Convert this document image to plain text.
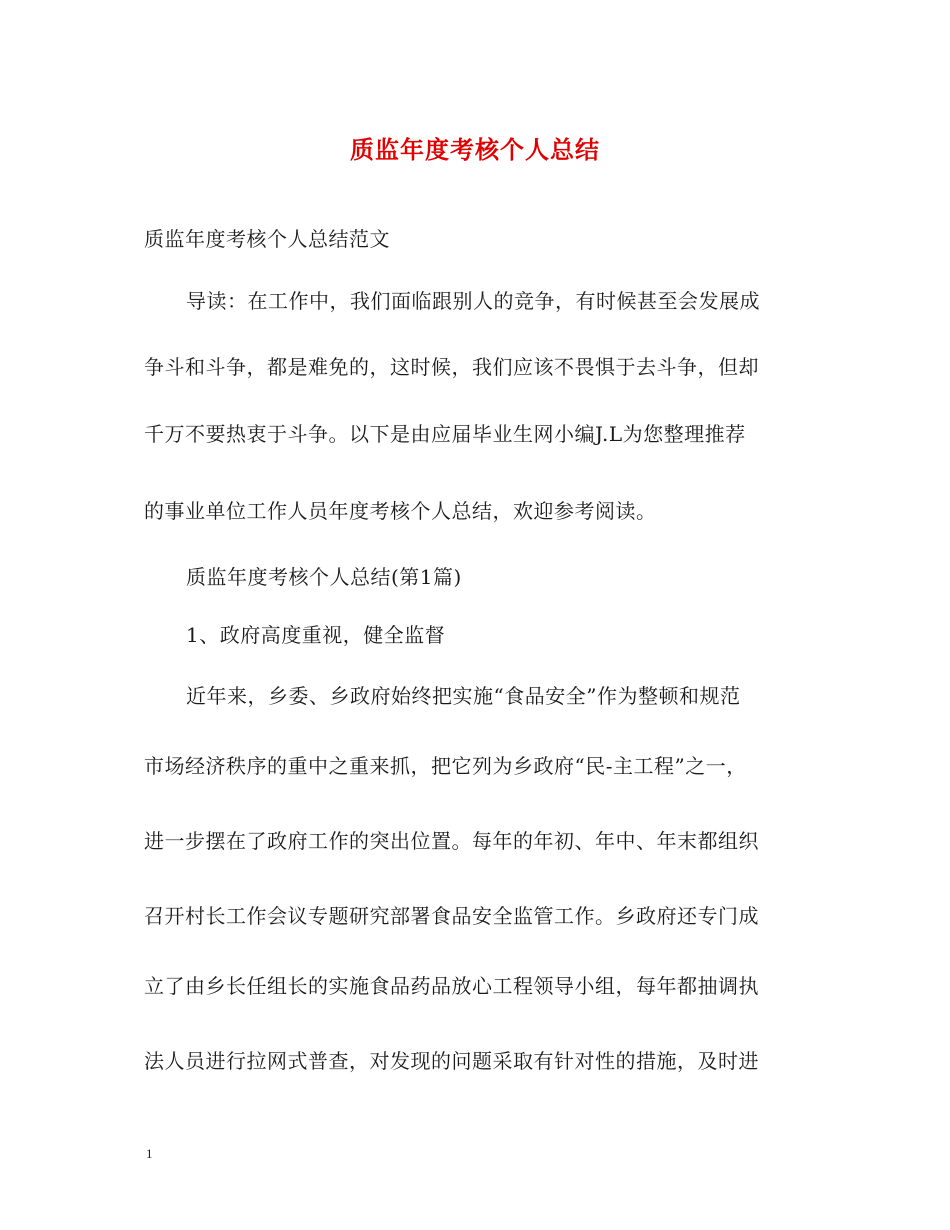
质监年度考核个人总结
质监年度考核个人总结范文
导读：在工作中，我们面临跟别人的竞争，有时候甚至会发展成
争斗和斗争，都是难免的，这时候，我们应该不畏惧于去斗争，但却
千万不要热衷于斗争。以下是由应届毕业生网小编J.L为您整理推荐
的事业单位工作人员年度考核个人总结，欢迎参考阅读。
质监年度考核个人总结(第1篇)
1、政府高度重视，健全监督
近年来，乡委、乡政府始终把实施“食品安全”作为整顿和规范
市场经济秩序的重中之重来抓，把它列为乡政府“民-主工程”之一，
进一步摆在了政府工作的突出位置。每年的年初、年中、年末都组织
召开村长工作会议专题研究部署食品安全监管工作。乡政府还专门成
立了由乡长任组长的实施食品药品放心工程领导小组，每年都抽调执
法人员进行拉网式普查，对发现的问题采取有针对性的措施，及时进
1
